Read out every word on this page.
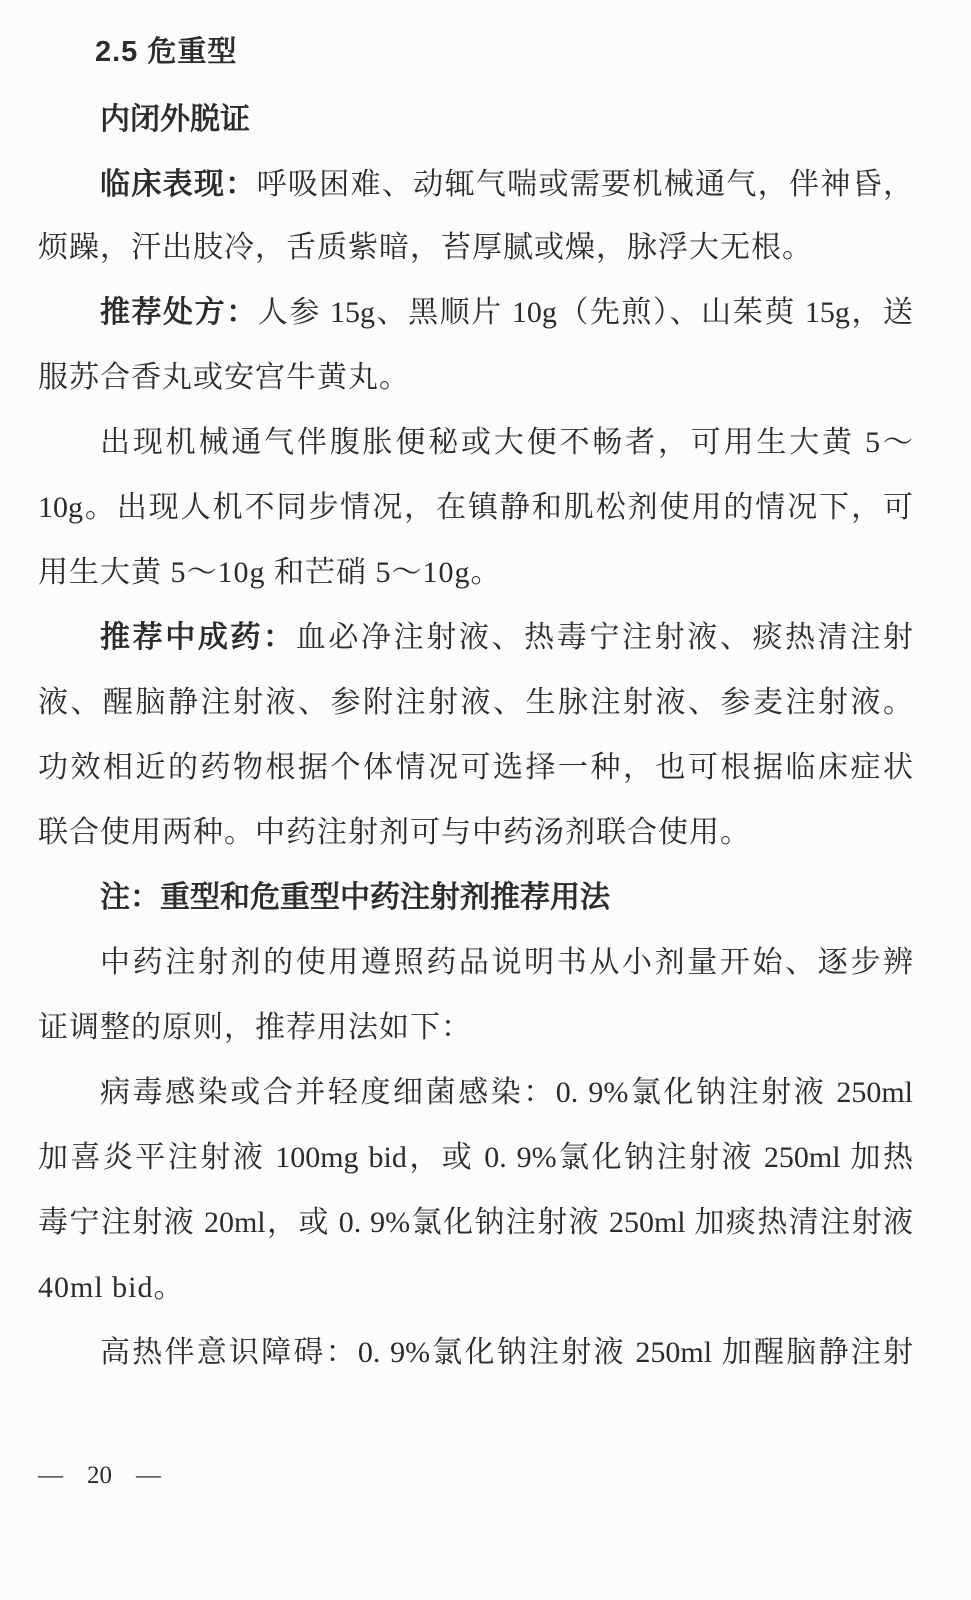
2.5 危重型
内闭外脱证
临床表现：呼吸困难、动辄气喘或需要机械通气，伴神昏，
烦躁，汗出肢冷，舌质紫暗，苔厚腻或燥，脉浮大无根。
推荐处方：人参 15g、黑顺片 10g（先煎）、山茱萸 15g，送
服苏合香丸或安宫牛黄丸。
出现机械通气伴腹胀便秘或大便不畅者，可用生大黄 5～
10g。出现人机不同步情况，在镇静和肌松剂使用的情况下，可
用生大黄 5～10g 和芒硝 5～10g。
推荐中成药：血必净注射液、热毒宁注射液、痰热清注射
液、醒脑静注射液、参附注射液、生脉注射液、参麦注射液。
功效相近的药物根据个体情况可选择一种，也可根据临床症状
联合使用两种。中药注射剂可与中药汤剂联合使用。
注：重型和危重型中药注射剂推荐用法
中药注射剂的使用遵照药品说明书从小剂量开始、逐步辨
证调整的原则，推荐用法如下：
病毒感染或合并轻度细菌感染：0. 9%氯化钠注射液 250ml
加喜炎平注射液 100mg bid，或 0. 9%氯化钠注射液 250ml 加热
毒宁注射液 20ml，或 0. 9%氯化钠注射液 250ml 加痰热清注射液
40ml bid。
高热伴意识障碍：0. 9%氯化钠注射液 250ml 加醒脑静注射
— 20 —
